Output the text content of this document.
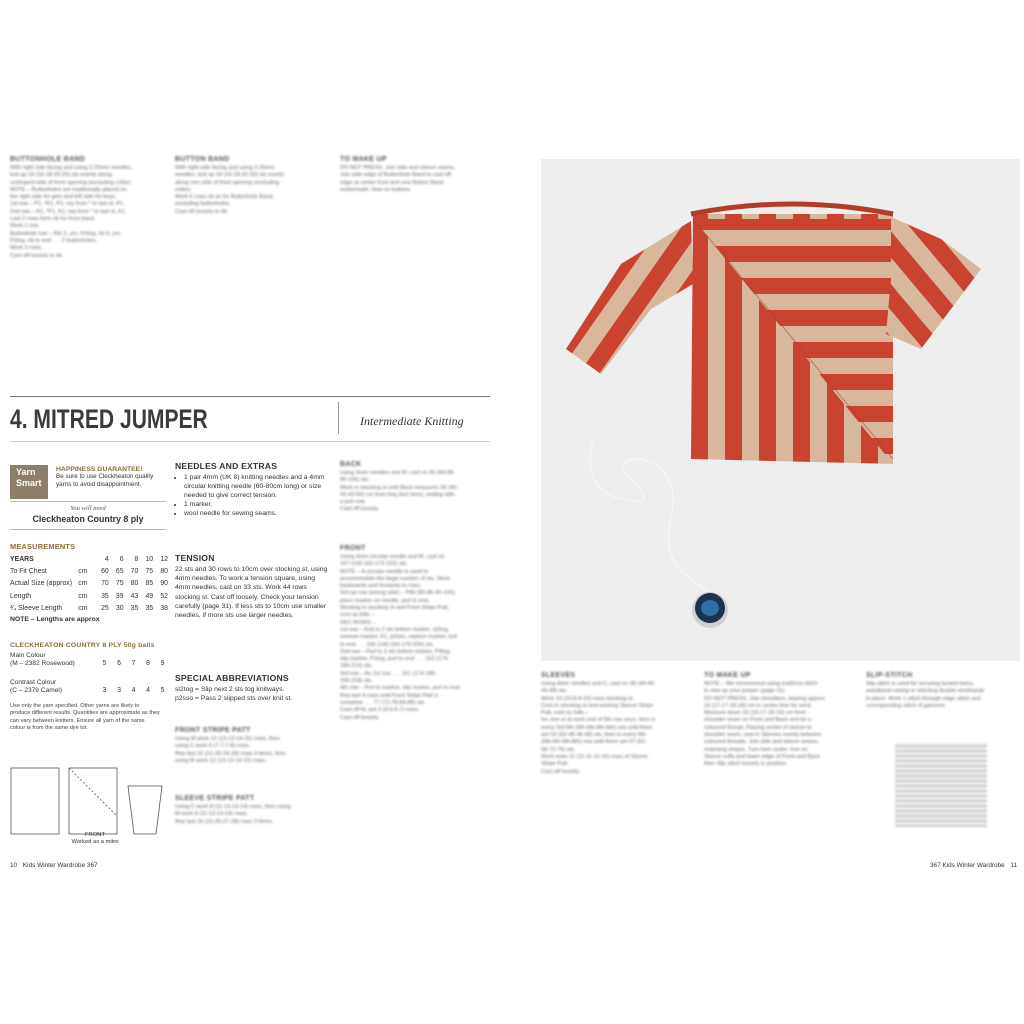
BUTTONHOLE BAND
With right side facing and using 3.25mm needles,
knit up 16 (16-18-20-20) sts evenly along
unshaped side of front opening (excluding collar).
NOTE – Buttonholes are traditionally placed on
the right side for girls and left side for boys.
1st row – P1, *K1, P1; rep from * to last st, P1.
2nd row – K2, *P1, K1; rep from * to last st, K1.
Last 2 rows form rib for front band.
Work 1 row.
Buttonhole row – Rib 2, yrn, P2tog, rib 6, yrn,
P2tog, rib to end . . . 2 buttonholes.
Work 3 rows.
Cast off loosely in rib.
BUTTON BAND
With right side facing and using 3.25mm
needles, knit up 16 (16-18-20-20) sts evenly
along rem side of front opening (excluding
collar).
Work 6 rows rib as for Buttonhole Band,
excluding buttonholes.
Cast off loosely in rib.
TO MAKE UP
DO NOT PRESS. Join side and sleeve seams.
Join side edge of Buttonhole Band to cast off
edge at centre front and sew Button Band
underneath. Sew on buttons.
4. MITRED JUMPER	Intermediate Knitting
Yarn
Smart
HAPPINESS GUARANTEE!
Be sure to use Cleckheaton quality yarns to avoid disappointment.
You will need
Cleckheaton Country 8 ply
MEASUREMENTS
YEARS		4	6	8	10	12
To Fit Chest	cm	60	65	70	75	80
Actual Size (approx)	cm	70	75	80	85	90
Length	cm	35	39	43	49	52
³⁄₄ Sleeve Length	cm	25	30	35	35	38
NOTE – Lengths are approx
CLECKHEATON COUNTRY 8 PLY 50g balls
Main Colour
(M – 2382 Rosewood)	5	6	7	8	9
Contrast Colour
(C – 2379 Camel)	3	3	4	4	5
Use only the yarn specified. Other yarns are likely to produce different results. Quantities are approximate as they can vary between knitters. Ensure all yarn of the same colour is from the same dye lot.
NEEDLES AND EXTRAS
• 1 pair 4mm (UK 8) knitting needles and a 4mm circular knitting needle (60-80cm long) or size needed to give correct tension.
• 1 marker.
• wool needle for sewing seams.
TENSION
22 sts and 30 rows to 10cm over stocking st, using 4mm needles. To work a tension square, using 4mm needles, cast on 33 sts. Work 44 rows stocking st. Cast off loosely. Check your tension carefully (page 31). If less sts to 10cm use smaller needles, if more sts use larger needles.
SPECIAL ABBREVIATIONS
sl2tog = Slip next 2 sts tog knitways.
p2sso = Pass 2 slipped sts over knit st.
FRONT STRIPE PATT
Using M work 12 (13-13-14-15) rows, then
using C work 6 (7-7-7-8) rows.
Rep last 22 (21-26-24-28) rows 3 times, then
using M work 12 (13-13-14-15) rows.
SLEEVE STRIPE PATT
Using C work 8 (11-13-13-14) rows, then using
M work 8 (11-13-14-14) rows.
Rep last 16 (22-26-27-28) rows 3 times.
BACK
Using 4mm needles and M, cast on 80 (84-88-
90-100) sts.
Work in stocking st until Back measures 36 (40-
42-43-50) cm from beg (incl hem), ending with
a purl row.
Cast off loosely.
FRONT
Using 4mm circular needle and M, cast on
167 (142-162-172-222) sts.
NOTE – A circular needle is used to
accommodate the large number of sts. Work
backwards and forwards in rows.
Set-up row (wrong side) – P80 (80-85-90-100),
place marker on needle, purl to end.
Working in stocking st and Front Stripe Patt,
cont as folls –
DEC ROWS –
1st row – Knit to 2 sts before marker, sl2tog,
remove marker, K1, p2sso, replace marker, knit
to end . . . 165 (140-160-170-220) sts.
2nd row – Purl to 2 sts before marker, P3tog,
slip marker, P1tog, purl to end . . . 163 (174-
184-214) sts.
3rd row – As 1st row . . . 161 (174-186-
206-218) sts.
4th row – Purl to marker, slip marker, purl to end.
Rep last 4 rows until Front Stripe Patt is
complete . . . 77 (72-78-84-88) sts.
Cast off M, put 3 (3-5-5-7) rows.
Cast off loosely.
FRONT
Worked as a mitre
10 Kids Winter Wardrobe 367	367 Kids Winter Wardrobe 11
SLEEVES
Using 4mm needles and C, cast on 38 (44-40-
44-48) sts.
Work 10 (10-8-8-10) rows stocking st.
Cont in stocking st and working Sleeve Stripe
Patt, cont as folls –
Inc one st at each end of 5th row once, then in
every 3rd 6th (6th-6th-6th-6th) row until there
are 52 (52-48-48-48) sts, then in every 6th
(6th-6th-6th-8th) row until there are 57 (61-
68-72-75) sts.
Work even 11 (11-11-11-15) rows of Sleeve
Stripe Patt.
Cast off loosely.
TO MAKE UP
NOTE – We recommend using mattress stitch
to sew up your jumper (page 11).
DO NOT PRESS. Join shoulders, leaving approx
16 (17-17-18-18) cm in centre free for neck.
Measure down 16 (16-17-18-19) cm from
shoulder seam on Front and Back and tie a
coloured thread. Placing centre of sleeve to
shoulder seam, sew in Sleeves evenly between
coloured threads. Join side and sleeve seams,
matching stripes. Turn hem under. Iron on
Sleeve cuffs and lower edge of Front and Back
then Slip stitch loosely in position.
SLIP-STITCH
Slip stitch is used for securing turned hems,
waistband casing or stitching double neckbands
in place. Work 1 stitch through edge stitch and
corresponding stitch of garment.
